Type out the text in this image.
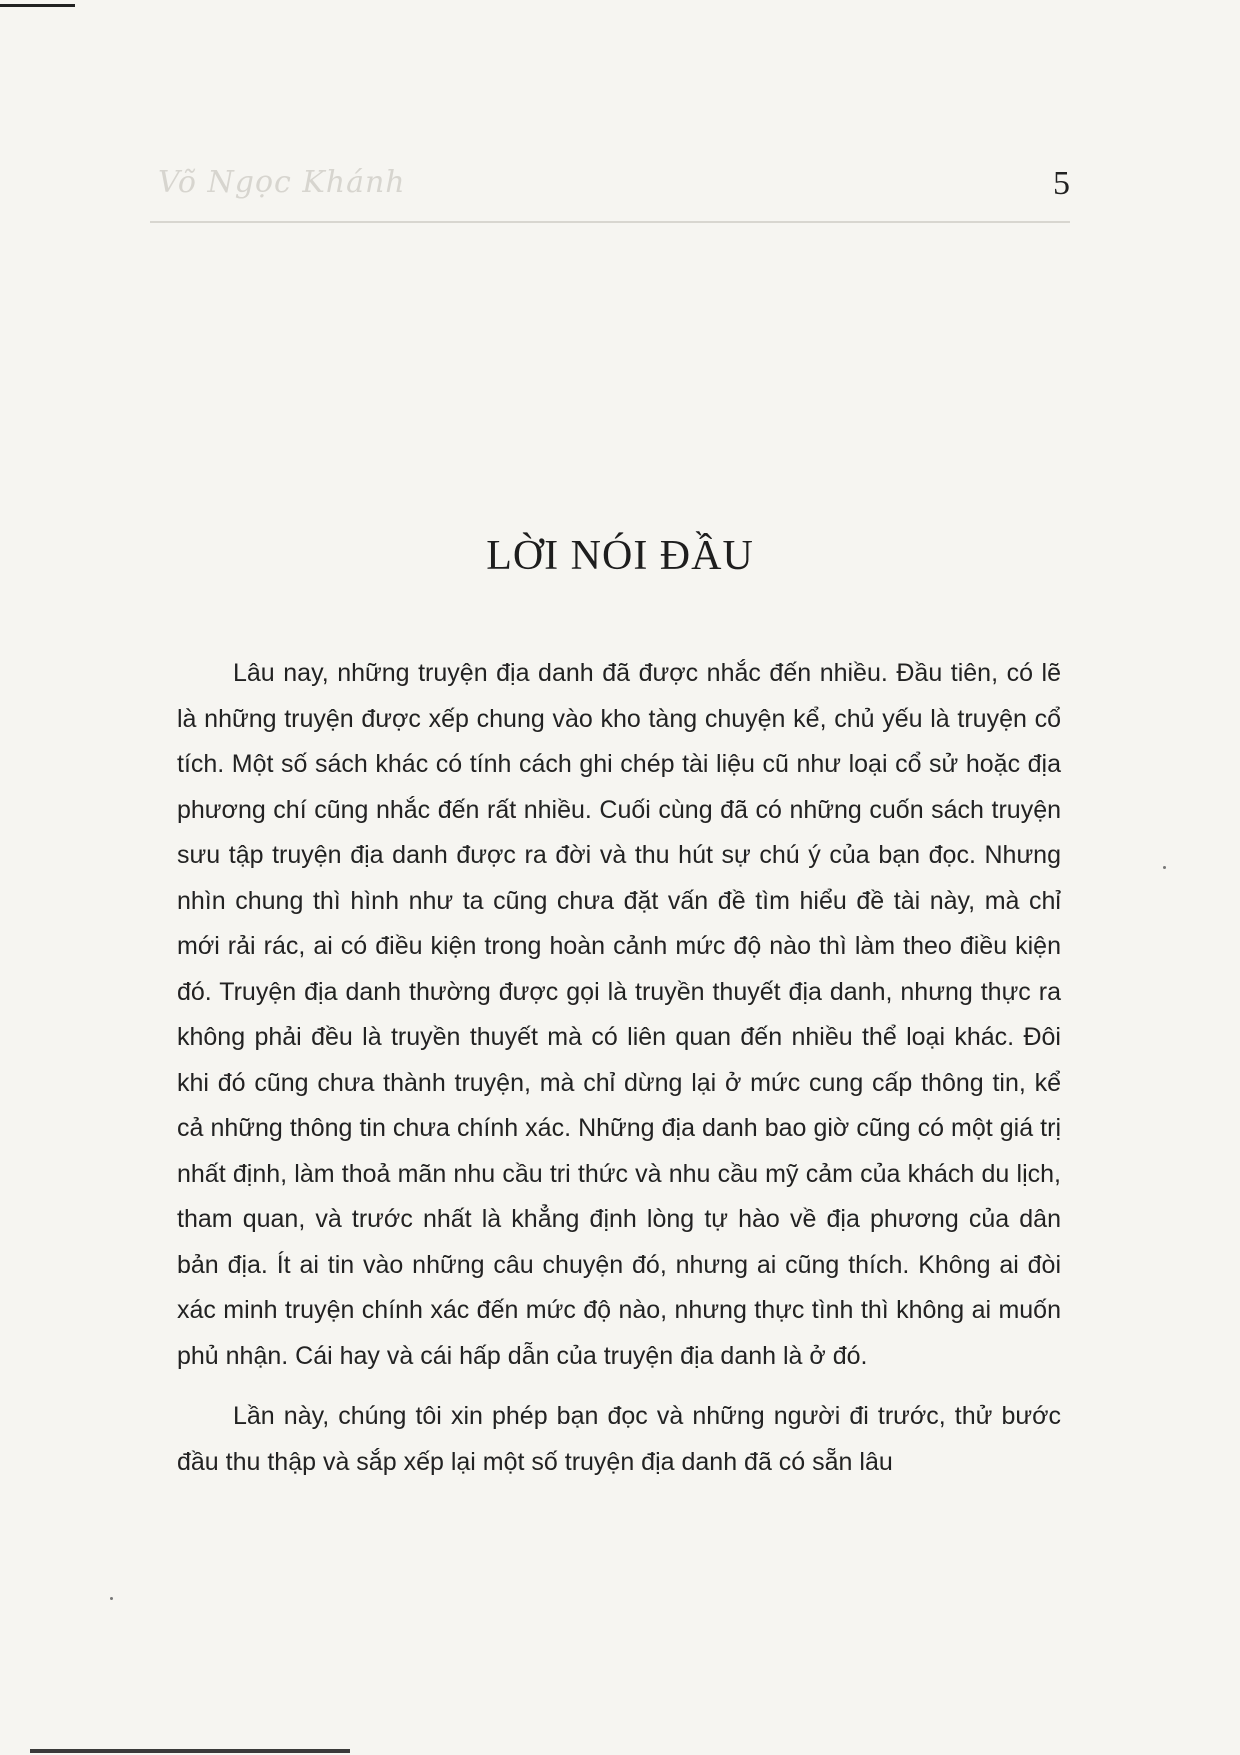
Võ Ngọc Khánh	5
LỜI NÓI ĐẦU

Lâu nay, những truyện địa danh đã được nhắc đến nhiều. Đầu tiên, có lẽ là những truyện được xếp chung vào kho tàng chuyện kể, chủ yếu là truyện cổ tích. Một số sách khác có tính cách ghi chép tài liệu cũ như loại cổ sử hoặc địa phương chí cũng nhắc đến rất nhiều. Cuối cùng đã có những cuốn sách truyện sưu tập truyện địa danh được ra đời và thu hút sự chú ý của bạn đọc. Nhưng nhìn chung thì hình như ta cũng chưa đặt vấn đề tìm hiểu đề tài này, mà chỉ mới rải rác, ai có điều kiện trong hoàn cảnh mức độ nào thì làm theo điều kiện đó. Truyện địa danh thường được gọi là truyền thuyết địa danh, nhưng thực ra không phải đều là truyền thuyết mà có liên quan đến nhiều thể loại khác. Đôi khi đó cũng chưa thành truyện, mà chỉ dừng lại ở mức cung cấp thông tin, kể cả những thông tin chưa chính xác. Những địa danh bao giờ cũng có một giá trị nhất định, làm thoả mãn nhu cầu tri thức và nhu cầu mỹ cảm của khách du lịch, tham quan, và trước nhất là khẳng định lòng tự hào về địa phương của dân bản địa. Ít ai tin vào những câu chuyện đó, nhưng ai cũng thích. Không ai đòi xác minh truyện chính xác đến mức độ nào, nhưng thực tình thì không ai muốn phủ nhận. Cái hay và cái hấp dẫn của truyện địa danh là ở đó.

Lần này, chúng tôi xin phép bạn đọc và những người đi trước, thử bước đầu thu thập và sắp xếp lại một số truyện địa danh đã có sẵn lâu
